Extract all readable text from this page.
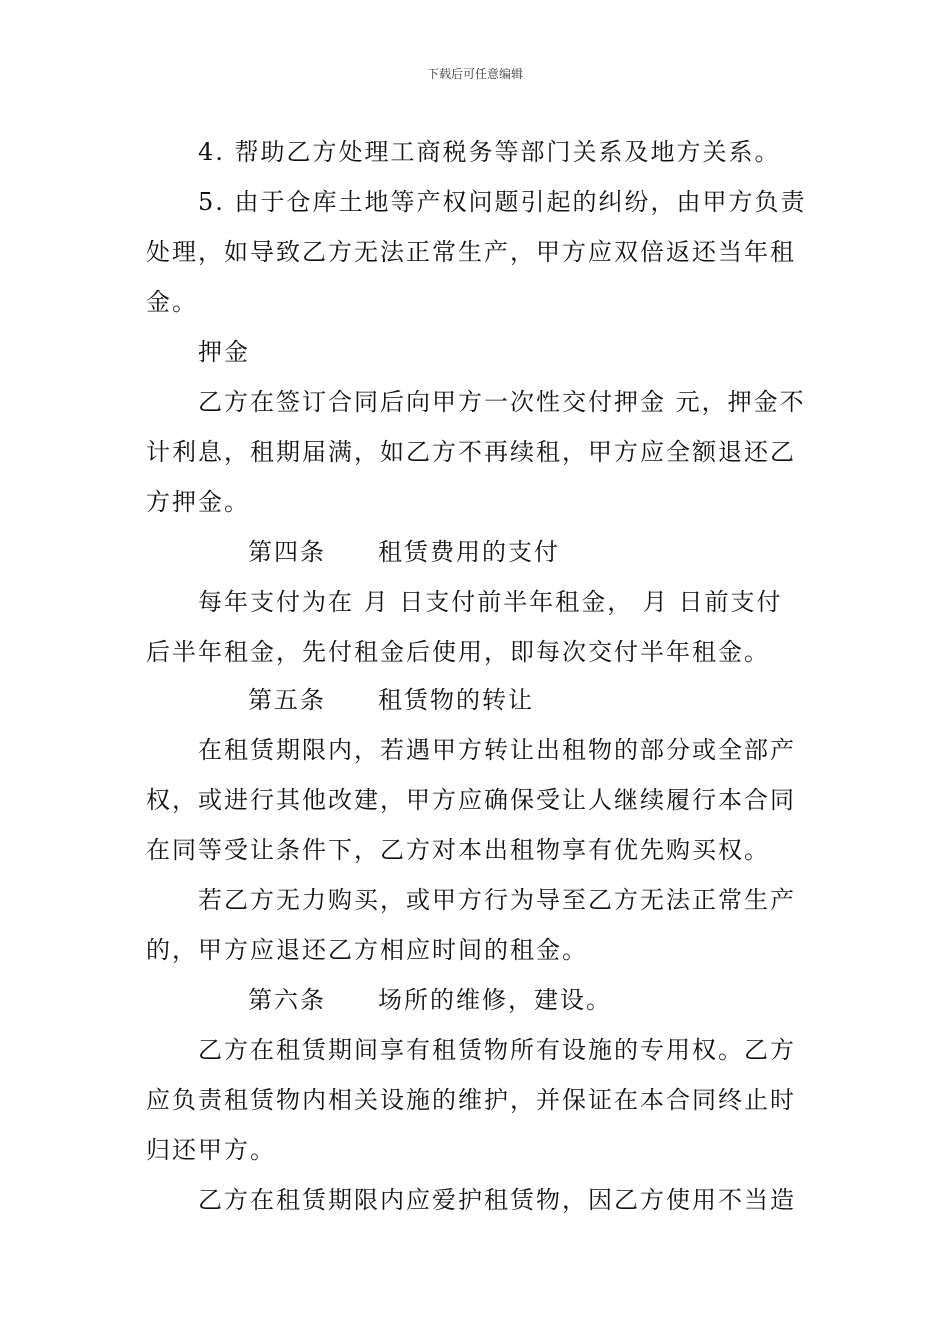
下载后可任意编辑
4. 帮助乙方处理工商税务等部门关系及地方关系。
5. 由于仓库土地等产权问题引起的纠纷，由甲方负责
处理，如导致乙方无法正常生产，甲方应双倍返还当年租
金。
押金
乙方在签订合同后向甲方一次性交付押金 元，押金不
计利息，租期届满，如乙方不再续租，甲方应全额退还乙
方押金。
第四条 租赁费用的支付
每年支付为在 月 日支付前半年租金， 月 日前支付
后半年租金，先付租金后使用，即每次交付半年租金。
第五条 租赁物的转让
在租赁期限内，若遇甲方转让出租物的部分或全部产
权，或进行其他改建，甲方应确保受让人继续履行本合同
在同等受让条件下，乙方对本出租物享有优先购买权。
若乙方无力购买，或甲方行为导至乙方无法正常生产
的，甲方应退还乙方相应时间的租金。
第六条 场所的维修，建设。
乙方在租赁期间享有租赁物所有设施的专用权。乙方
应负责租赁物内相关设施的维护，并保证在本合同终止时
归还甲方。
乙方在租赁期限内应爱护租赁物，因乙方使用不当造
